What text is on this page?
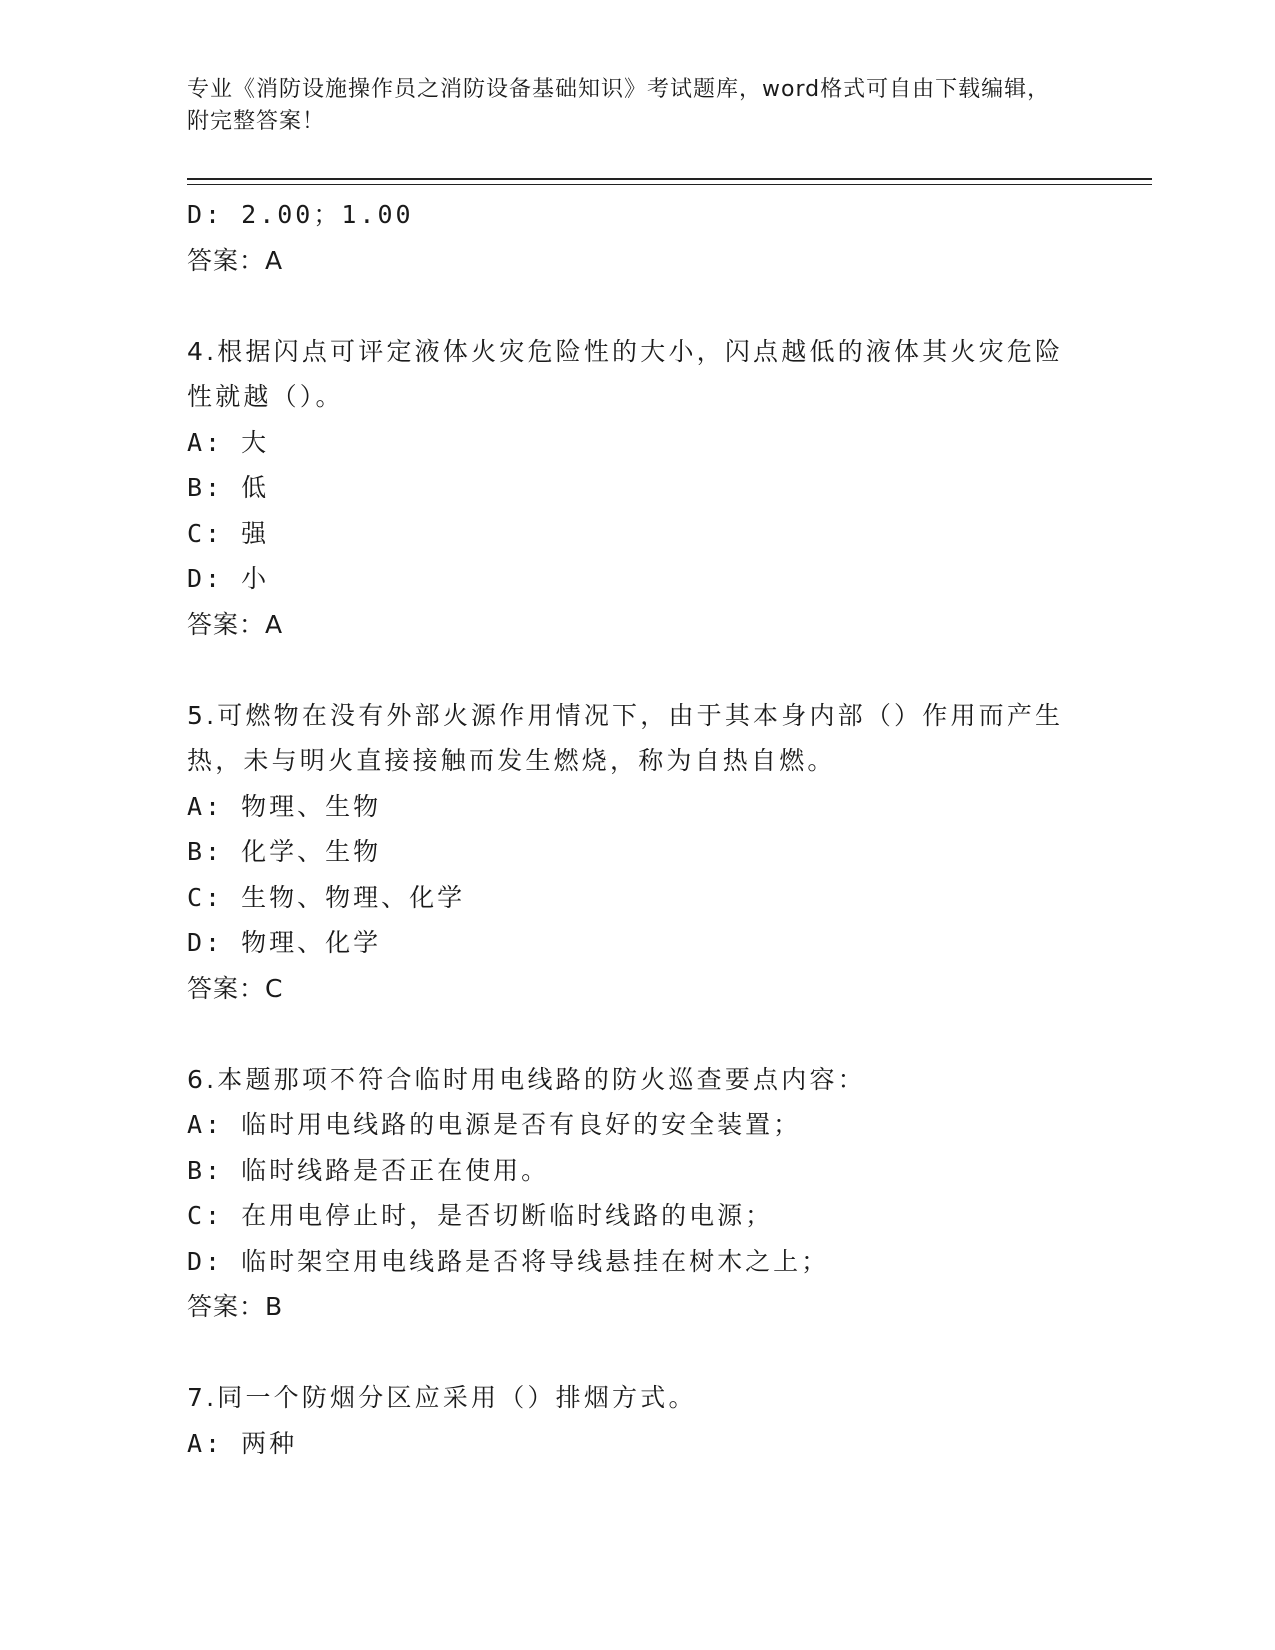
专业《消防设施操作员之消防设备基础知识》考试题库，word格式可自由下载编辑，附完整答案！
D: 2.00；1.00
答案：A
4.根据闪点可评定液体火灾危险性的大小，闪点越低的液体其火灾危险性就越（）。
A: 大
B: 低
C: 强
D: 小
答案：A
5.可燃物在没有外部火源作用情况下，由于其本身内部（）作用而产生热，未与明火直接接触而发生燃烧，称为自热自燃。
A: 物理、生物
B: 化学、生物
C: 生物、物理、化学
D: 物理、化学
答案：C
6.本题那项不符合临时用电线路的防火巡查要点内容：
A: 临时用电线路的电源是否有良好的安全装置；
B: 临时线路是否正在使用。
C: 在用电停止时，是否切断临时线路的电源；
D: 临时架空用电线路是否将导线悬挂在树木之上；
答案：B
7.同一个防烟分区应采用（）排烟方式。
A: 两种
